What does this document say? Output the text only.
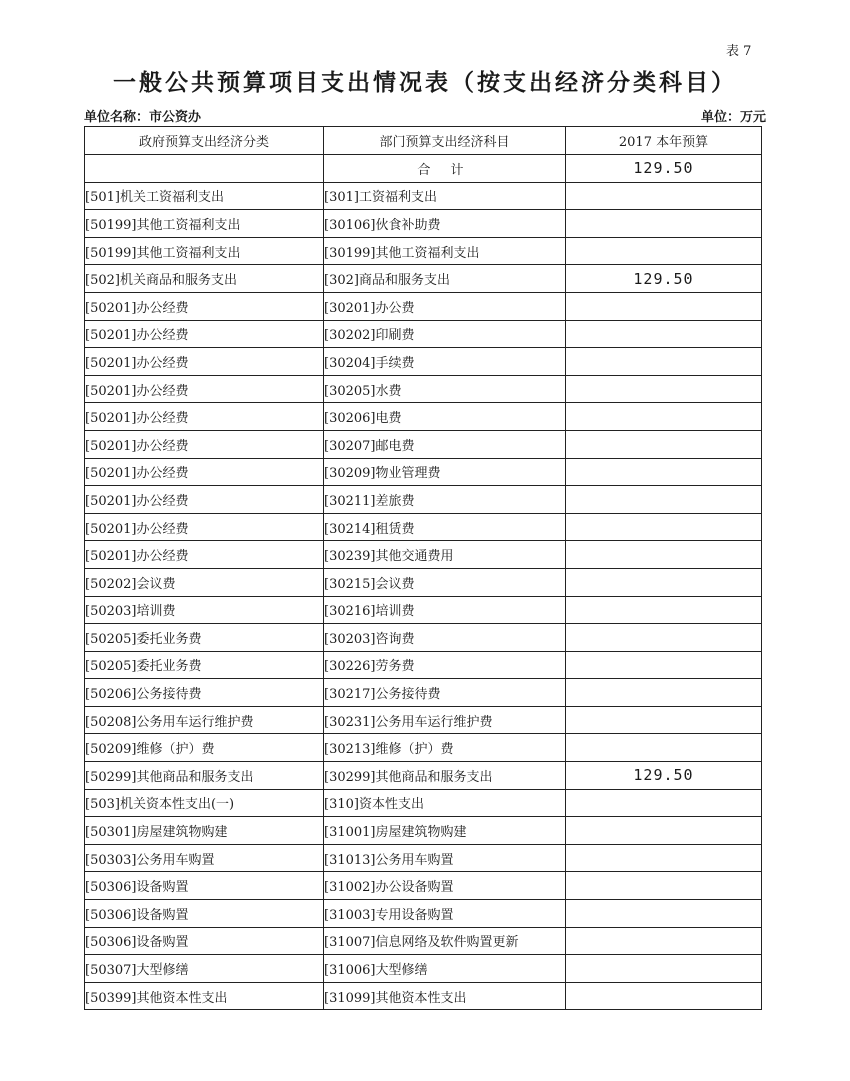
表 7
一般公共预算项目支出情况表（按支出经济分类科目）
单位名称：市公资办	单位：万元
政府预算支出经济分类	部门预算支出经济科目	2017 本年预算
	合 计	129.50
[501]机关工资福利支出	[301]工资福利支出	
[50199]其他工资福利支出	[30106]伙食补助费	
[50199]其他工资福利支出	[30199]其他工资福利支出	
[502]机关商品和服务支出	[302]商品和服务支出	129.50
[50201]办公经费	[30201]办公费	
[50201]办公经费	[30202]印刷费	
[50201]办公经费	[30204]手续费	
[50201]办公经费	[30205]水费	
[50201]办公经费	[30206]电费	
[50201]办公经费	[30207]邮电费	
[50201]办公经费	[30209]物业管理费	
[50201]办公经费	[30211]差旅费	
[50201]办公经费	[30214]租赁费	
[50201]办公经费	[30239]其他交通费用	
[50202]会议费	[30215]会议费	
[50203]培训费	[30216]培训费	
[50205]委托业务费	[30203]咨询费	
[50205]委托业务费	[30226]劳务费	
[50206]公务接待费	[30217]公务接待费	
[50208]公务用车运行维护费	[30231]公务用车运行维护费	
[50209]维修（护）费	[30213]维修（护）费	
[50299]其他商品和服务支出	[30299]其他商品和服务支出	129.50
[503]机关资本性支出(一)	[310]资本性支出	
[50301]房屋建筑物购建	[31001]房屋建筑物购建	
[50303]公务用车购置	[31013]公务用车购置	
[50306]设备购置	[31002]办公设备购置	
[50306]设备购置	[31003]专用设备购置	
[50306]设备购置	[31007]信息网络及软件购置更新	
[50307]大型修缮	[31006]大型修缮	
[50399]其他资本性支出	[31099]其他资本性支出	
